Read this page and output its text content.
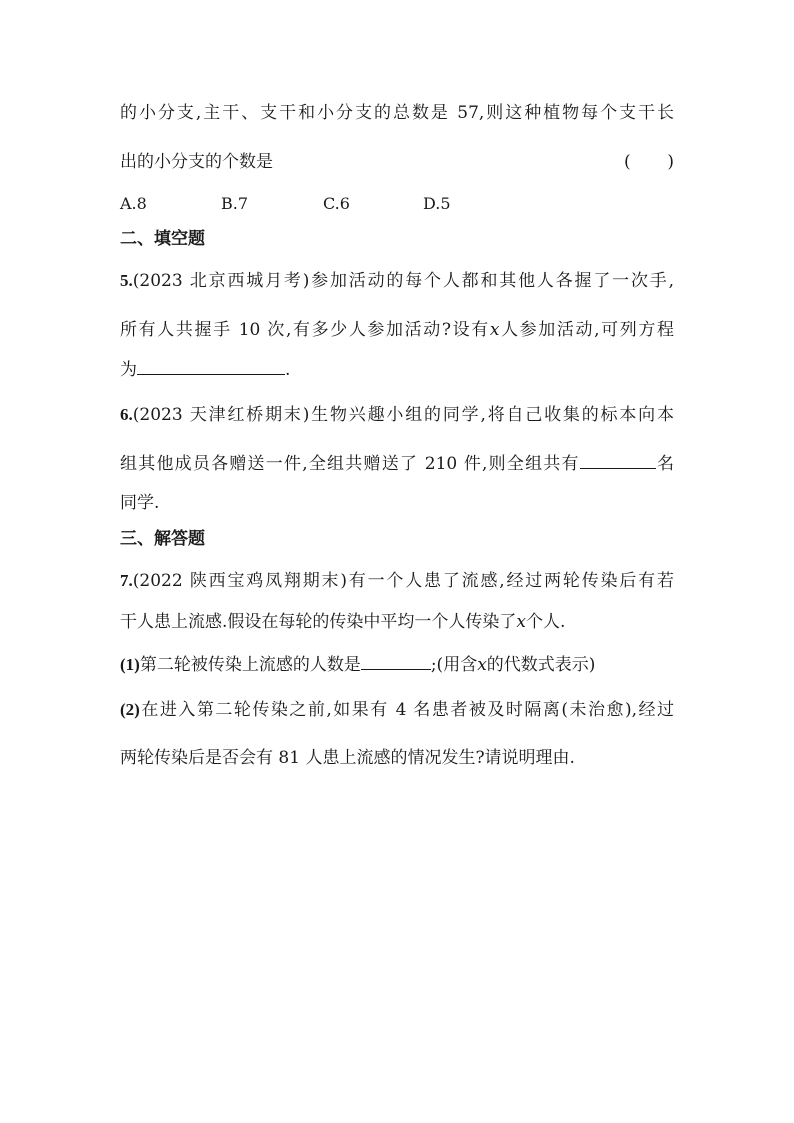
的小分支,主干、支干和小分支的总数是 57,则这种植物每个支干长
出的小分支的个数是	( )
A.8	B.7	C.6	D.5
二、填空题
5.(2023 北京西城月考)参加活动的每个人都和其他人各握了一次手,
所有人共握手 10 次,有多少人参加活动?设有x人参加活动,可列方程
为	.
6.(2023 天津红桥期末)生物兴趣小组的同学,将自己收集的标本向本
组其他成员各赠送一件,全组共赠送了 210 件,则全组共有	名
同学.
三、解答题
7.(2022 陕西宝鸡凤翔期末)有一个人患了流感,经过两轮传染后有若
干人患上流感.假设在每轮的传染中平均一个人传染了x个人.
(1)第二轮被传染上流感的人数是	;(用含x的代数式表示)
(2)在进入第二轮传染之前,如果有 4 名患者被及时隔离(未治愈),经过
两轮传染后是否会有 81 人患上流感的情况发生?请说明理由.
